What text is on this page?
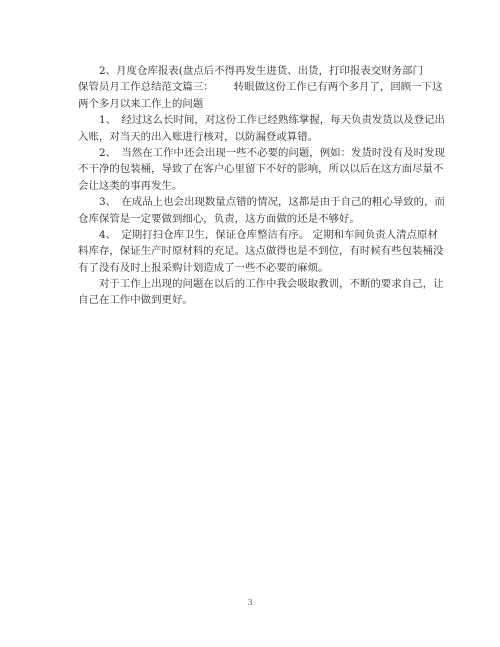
2、月度仓库报表(盘点后不得再发生进货、出货，打印报表交财务部门
保管员月工作总结范文篇三： 转眼做这份工作已有两个多月了，回顾一下这
两个多月以来工作上的问题
1、　经过这么长时间，对这份工作已经熟练掌握，每天负责发货以及登记出
入账，对当天的出入账进行核对，以防漏登或算错。
2、　当然在工作中还会出现一些不必要的问题，例如：发货时没有及时发现
不干净的包装桶，导致了在客户心里留下不好的影响，所以以后在这方面尽量不
会让这类的事再发生。
3、　在成品上也会出现数量点错的情况，这都是由于自己的粗心导致的，而
仓库保管是一定要做到细心，负责，这方面做的还是不够好。
4、　定期打扫仓库卫生，保证仓库整洁有序。 定期和车间负责人清点原材
料库存，保证生产时原材料的充足。这点做得也是不到位，有时候有些包装桶没
有了没有及时上报采购计划造成了一些不必要的麻烦。
对于工作上出现的问题在以后的工作中我会吸取教训，不断的要求自己，让
自己在工作中做到更好。
3
